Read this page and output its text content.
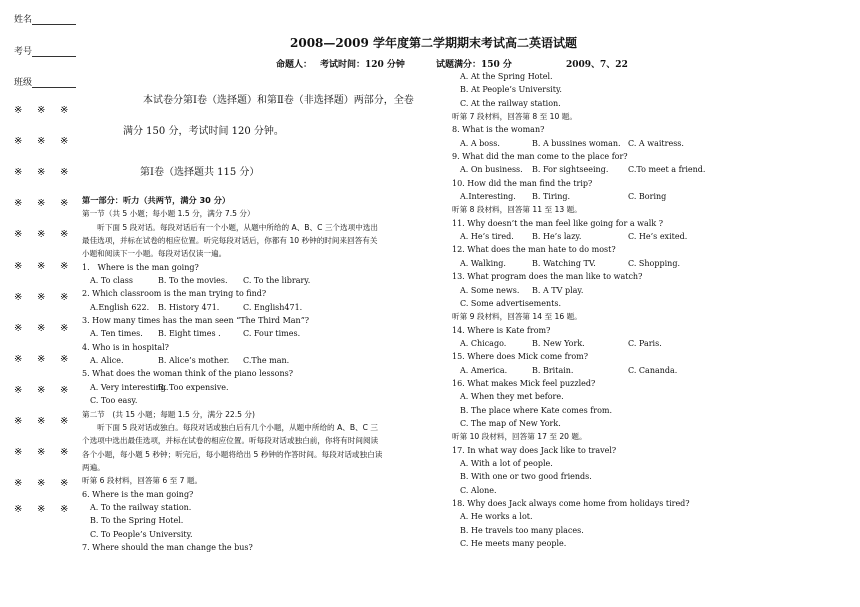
姓名
考号
班级
※ ※ ※
※ ※ ※
※ ※ ※
※ ※ ※
※ ※ ※
※ ※ ※
※ ※ ※
※ ※ ※
※ ※ ※
※ ※ ※
※ ※ ※
※ ※ ※
※ ※ ※
※ ※ ※
2008—2009 学年度第二学期期末考试高二英语试题
命题人： 考试时间：120 分钟	试题满分：150 分	2009、7、22
本试卷分第Ⅰ卷（选择题）和第Ⅱ卷（非选择题）两部分，全卷
满分 150 分，考试时间 120 分钟。
第Ⅰ卷（选择题共 115 分）
第一部分：听力（共两节，满分 30 分）
第一节（共 5 小题；每小题 1.5 分，满分 7.5 分）
　　听下面 5 段对话。每段对话后有一个小题，从题中所给的 A、B、C 三个选项中选出
最佳选项，并标在试卷的相应位置。听完每段对话后，你都有 10 秒钟的时间来回答有关
小题和阅读下一小题。每段对话仅读一遍。
1.　Where is the man going?
A. To class	B. To the movies. C. To the library.
2. Which classroom is the man trying to find?
A.English 622. B. History 471.	C. English471.
3. How many times has the man seen “The Third Man”?
A. Ten times. B. Eight times .	C. Four times.
4. Who is in hospital?
A. Alice.	B. Alice’s mother. C.The man.
5. What does the woman think of the piano lessons?
A. Very interesting.B. Too expensive.
C. Too easy.
第二节　(共 15 小题；每题 1.5 分，满分 22.5 分)
　　听下面 5 段对话或独白。每段对话或独白后有几个小题，从题中所给的 A、B、C 三
个选项中选出最佳选项，并标在试卷的相应位置。听每段对话或独白前，你将有时间阅读
各个小题，每小题 5 秒钟；听完后，每小题将给出 5 秒钟的作答时间。每段对话或独白读
两遍。
听第 6 段材料，回答第 6 至 7 题。
6. Where is the man going?
A. To the railway station.
B. To the Spring Hotel.
C. To People’s University.
7. Where should the man change the bus?
A. At the Spring Hotel.
B. At People’s University.
C. At the railway station.
听第 7 段材料，回答第 8 至 10 题。
8. What is the woman?
A. A boss.	B. A bussines woman. C. A waitress.
9. What did the man come to the place for?
A. On business. B. For sightseeing. C.To meet a friend.
10. How did the man find the trip?
A.Interesting. B. Tiring.	C. Boring
听第 8 段材料，回答第 11 至 13 题。
11. Why doesn’t the man feel like going for a walk ?
A. He’s tired. B. He’s lazy.	C. He’s exited.
12. What does the man hate to do most?
A. Walking.	B. Watching TV.	C. Shopping.
13. What program does the man like to watch?
A. Some news. B. A TV play.
C. Some advertisements.
听第 9 段材料，回答第 14 至 16 题。
14. Where is Kate from?
A. Chicago.	B. New York.	C. Paris.
15. Where does Mick come from?
A. America.	B. Britain.	C. Cananda.
16. What makes Mick feel puzzled?
A. When they met before.
B. The place where Kate comes from.
C. The map of New York.
听第 10 段材料，回答第 17 至 20 题。
17. In what way does Jack like to travel?
A. With a lot of people.
B. With one or two good friends.
C. Alone.
18. Why does Jack always come home from holidays tired?
A. He works a lot.
B. He travels too many places.
C. He meets many people.
